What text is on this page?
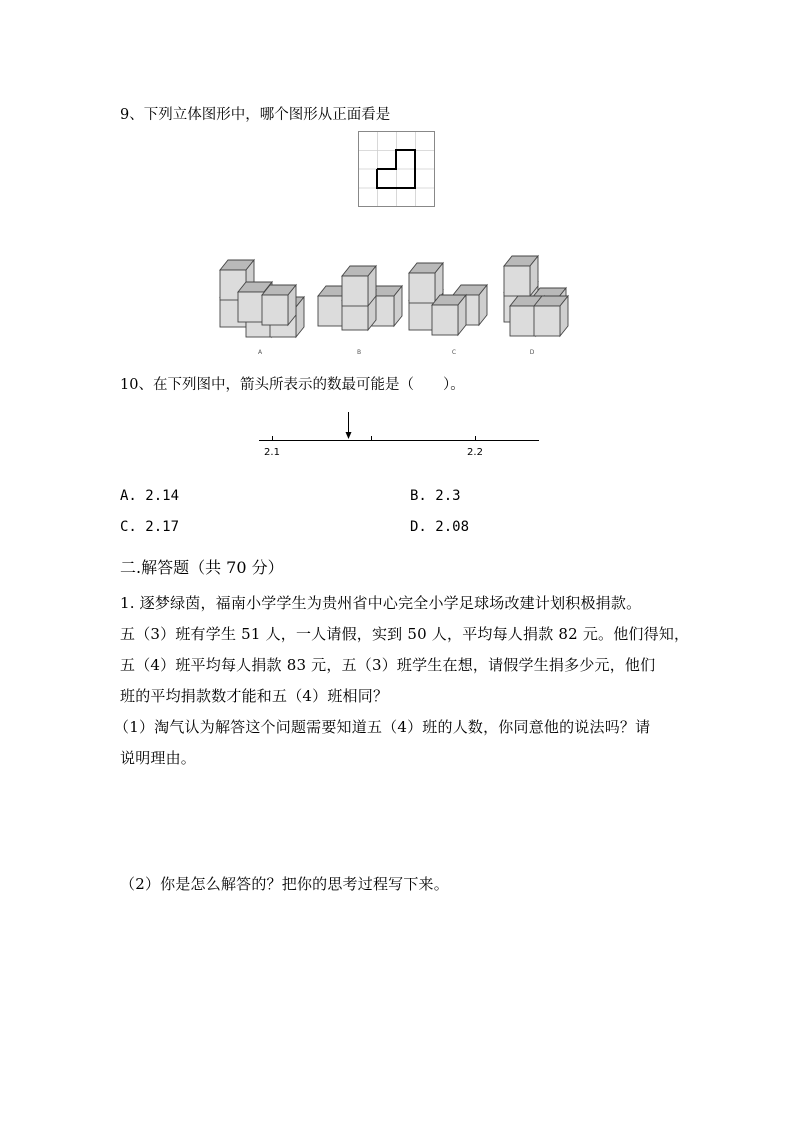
9、下列立体图形中，哪个图形从正面看是
A	B	C	D
10、在下列图中，箭头所表示的数最可能是（　　）。
2.1	2.2
A. 2.14	B. 2.3
C. 2.17	D. 2.08
二.解答题（共 70 分）
1. 逐梦绿茵，福南小学学生为贵州省中心完全小学足球场改建计划积极捐款。
五（3）班有学生 51 人，一人请假，实到 50 人，平均每人捐款 82 元。他们得知，
五（4）班平均每人捐款 83 元，五（3）班学生在想，请假学生捐多少元，他们
班的平均捐款数才能和五（4）班相同？
（1）淘气认为解答这个问题需要知道五（4）班的人数，你同意他的说法吗？请
说明理由。
（2）你是怎么解答的？把你的思考过程写下来。
